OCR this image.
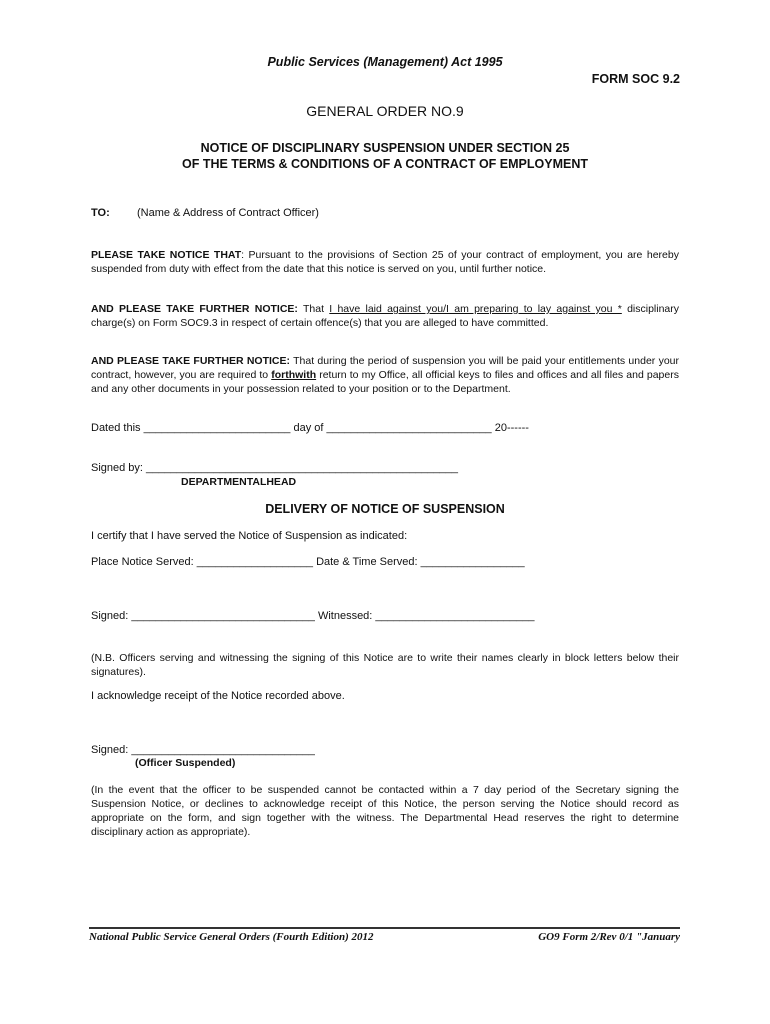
Public Services (Management) Act 1995
FORM SOC 9.2
GENERAL ORDER NO.9
NOTICE OF DISCIPLINARY SUSPENSION UNDER SECTION 25
OF THE TERMS & CONDITIONS OF A CONTRACT OF EMPLOYMENT
TO: (Name & Address of Contract Officer)
PLEASE TAKE NOTICE THAT: Pursuant to the provisions of Section 25 of your contract of employment, you are hereby suspended from duty with effect from the date that this notice is served on you, until further notice.
AND PLEASE TAKE FURTHER NOTICE: That I have laid against you/I am preparing to lay against you * disciplinary charge(s) on Form SOC9.3 in respect of certain offence(s) that you are alleged to have committed.
AND PLEASE TAKE FURTHER NOTICE: That during the period of suspension you will be paid your entitlements under your contract, however, you are required to forthwith return to my Office, all official keys to files and offices and all files and papers and any other documents in your possession related to your position or to the Department.
Dated this ________________________ day of ___________________________ 20------
Signed by: ___________________________________________________
DEPARTMENTALHEAD
DELIVERY OF NOTICE OF SUSPENSION
I certify that I have served the Notice of Suspension as indicated:
Place Notice Served: ___________________ Date & Time Served: _________________
Signed: ______________________________ Witnessed: __________________________
(N.B. Officers serving and witnessing the signing of this Notice are to write their names clearly in block letters below their signatures).
I acknowledge receipt of the Notice recorded above.
Signed: ______________________________
(Officer Suspended)
(In the event that the officer to be suspended cannot be contacted within a 7 day period of the Secretary signing the Suspension Notice, or declines to acknowledge receipt of this Notice, the person serving the Notice should record as appropriate on the form, and sign together with the witness. The Departmental Head reserves the right to determine disciplinary action as appropriate).
National Public Service General Orders (Fourth Edition) 2012	GO9 Form 2/Rev 0/1 "January
